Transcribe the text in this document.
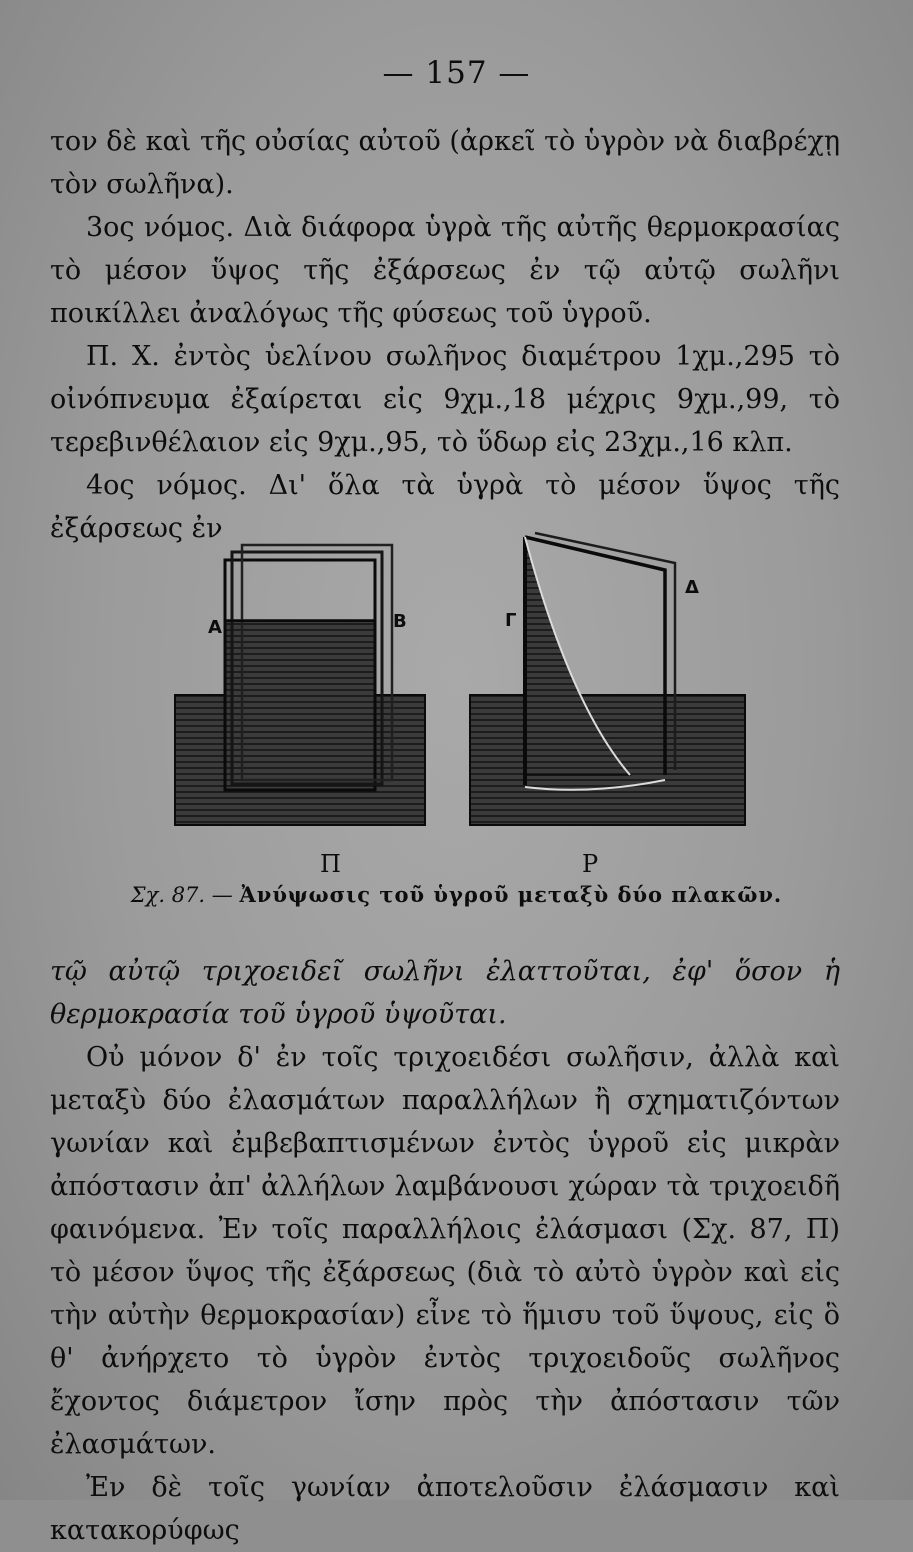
— 157 —

τον δὲ καὶ τῆς οὐσίας αὐτοῦ (ἀρκεῖ τὸ ὑγρὸν νὰ διαβρέχῃ τὸν σωλῆνα).

3ος νόμος. Διὰ διάφορα ὑγρὰ τῆς αὐτῆς θερμοκρασίας τὸ μέσον ὕψος τῆς ἐξάρσεως ἐν τῷ αὐτῷ σωλῆνι ποικίλλει ἀναλόγως τῆς φύσεως τοῦ ὑγροῦ.

Π. Χ. ἐντὸς ὑελίνου σωλῆνος διαμέτρου 1χμ.,295 τὸ οἰνόπνευμα ἐξαίρεται εἰς 9χμ.,18 μέχρις 9χμ.,99, τὸ τερεβινθέλαιον εἰς 9χμ.,95, τὸ ὕδωρ εἰς 23χμ.,16 κλπ.

4ος νόμος. Δι' ὅλα τὰ ὑγρὰ τὸ μέσον ὕψος τῆς ἐξάρσεως ἐν

A	B	Γ
Δ
Π	Ρ
Σχ. 87. — Ἀνύψωσις τοῦ ὑγροῦ μεταξὺ δύο πλακῶν.

τῷ αὐτῷ τριχοειδεῖ σωλῆνι ἐλαττοῦται, ἐφ' ὅσον ἡ θερμοκρασία τοῦ ὑγροῦ ὑψοῦται.

Οὐ μόνον δ' ἐν τοῖς τριχοειδέσι σωλῆσιν, ἀλλὰ καὶ μεταξὺ δύο ἐλασμάτων παραλλήλων ἢ σχηματιζόντων γωνίαν καὶ ἐμβεβαπτισμένων ἐντὸς ὑγροῦ εἰς μικρὰν ἀπόστασιν ἀπ' ἀλλήλων λαμβάνουσι χώραν τὰ τριχοειδῆ φαινόμενα. Ἐν τοῖς παραλλήλοις ἐλάσμασι (Σχ. 87, Π) τὸ μέσον ὕψος τῆς ἐξάρσεως (διὰ τὸ αὐτὸ ὑγρὸν καὶ εἰς τὴν αὐτὴν θερμοκρασίαν) εἶνε τὸ ἥμισυ τοῦ ὕψους, εἰς ὃ θ' ἀνήρχετο τὸ ὑγρὸν ἐντὸς τριχοειδοῦς σωλῆνος ἔχοντος διάμετρον ἴσην πρὸς τὴν ἀπόστασιν τῶν ἐλασμάτων.

Ἐν δὲ τοῖς γωνίαν ἀποτελοῦσιν ἐλάσμασιν καὶ κατακορύφως
